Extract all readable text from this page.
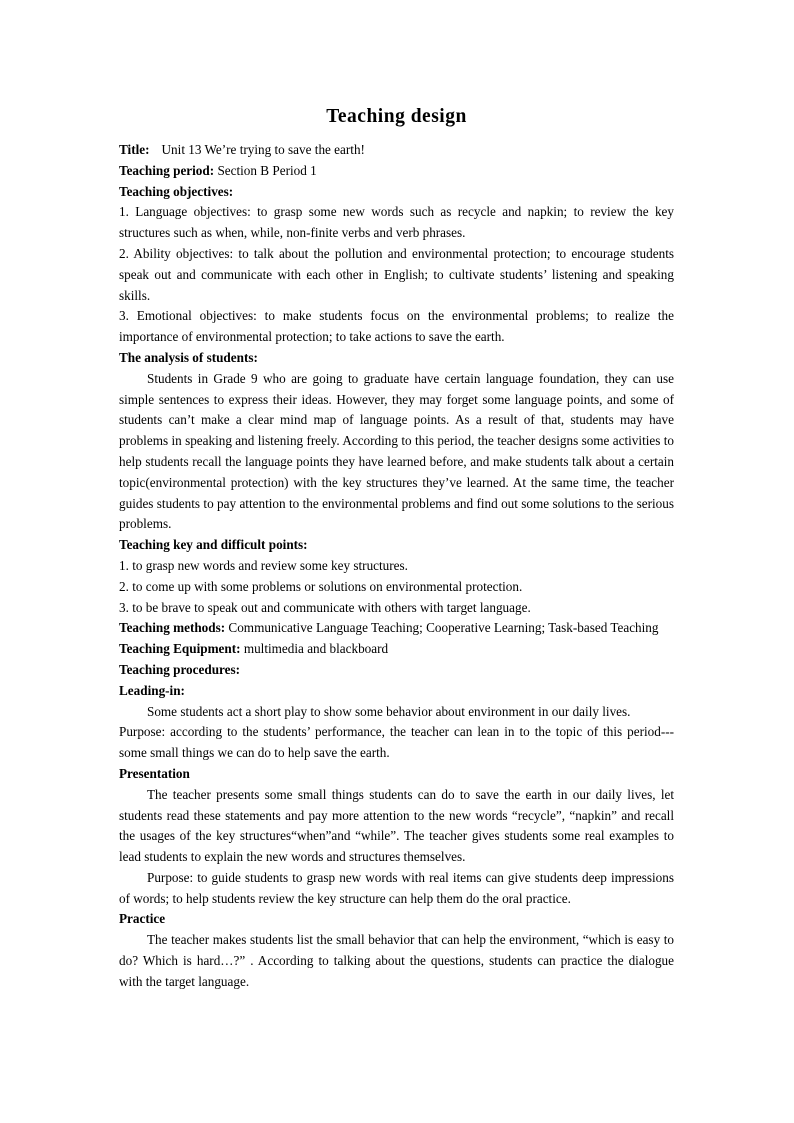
Teaching design

Title: Unit 13 We’re trying to save the earth!

Teaching period: Section B Period 1

Teaching objectives:

1. Language objectives: to grasp some new words such as recycle and napkin; to review the key structures such as when, while, non-finite verbs and verb phrases.

2. Ability objectives: to talk about the pollution and environmental protection; to encourage students speak out and communicate with each other in English; to cultivate students’ listening and speaking skills.

3. Emotional objectives: to make students focus on the environmental problems; to realize the importance of environmental protection; to take actions to save the earth.

The analysis of students:

Students in Grade 9 who are going to graduate have certain language foundation, they can use simple sentences to express their ideas. However, they may forget some language points, and some of students can’t make a clear mind map of language points. As a result of that, students may have problems in speaking and listening freely. According to this period, the teacher designs some activities to help students recall the language points they have learned before, and make students talk about a certain topic(environmental protection) with the key structures they’ve learned. At the same time, the teacher guides students to pay attention to the environmental problems and find out some solutions to the serious problems.

Teaching key and difficult points:

1. to grasp new words and review some key structures.

2. to come up with some problems or solutions on environmental protection.

3. to be brave to speak out and communicate with others with target language.

Teaching methods: Communicative Language Teaching; Cooperative Learning; Task-based Teaching

Teaching Equipment: multimedia and blackboard

Teaching procedures:

Leading-in:

Some students act a short play to show some behavior about environment in our daily lives.

Purpose: according to the students’ performance, the teacher can lean in to the topic of this period---some small things we can do to help save the earth.

Presentation

The teacher presents some small things students can do to save the earth in our daily lives, let students read these statements and pay more attention to the new words “recycle”, “napkin” and recall the usages of the key structures“when”and “while”. The teacher gives students some real examples to lead students to explain the new words and structures themselves.

Purpose: to guide students to grasp new words with real items can give students deep impressions of words; to help students review the key structure can help them do the oral practice.

Practice

The teacher makes students list the small behavior that can help the environment, “which is easy to do? Which is hard…?” . According to talking about the questions, students can practice the dialogue with the target language.
